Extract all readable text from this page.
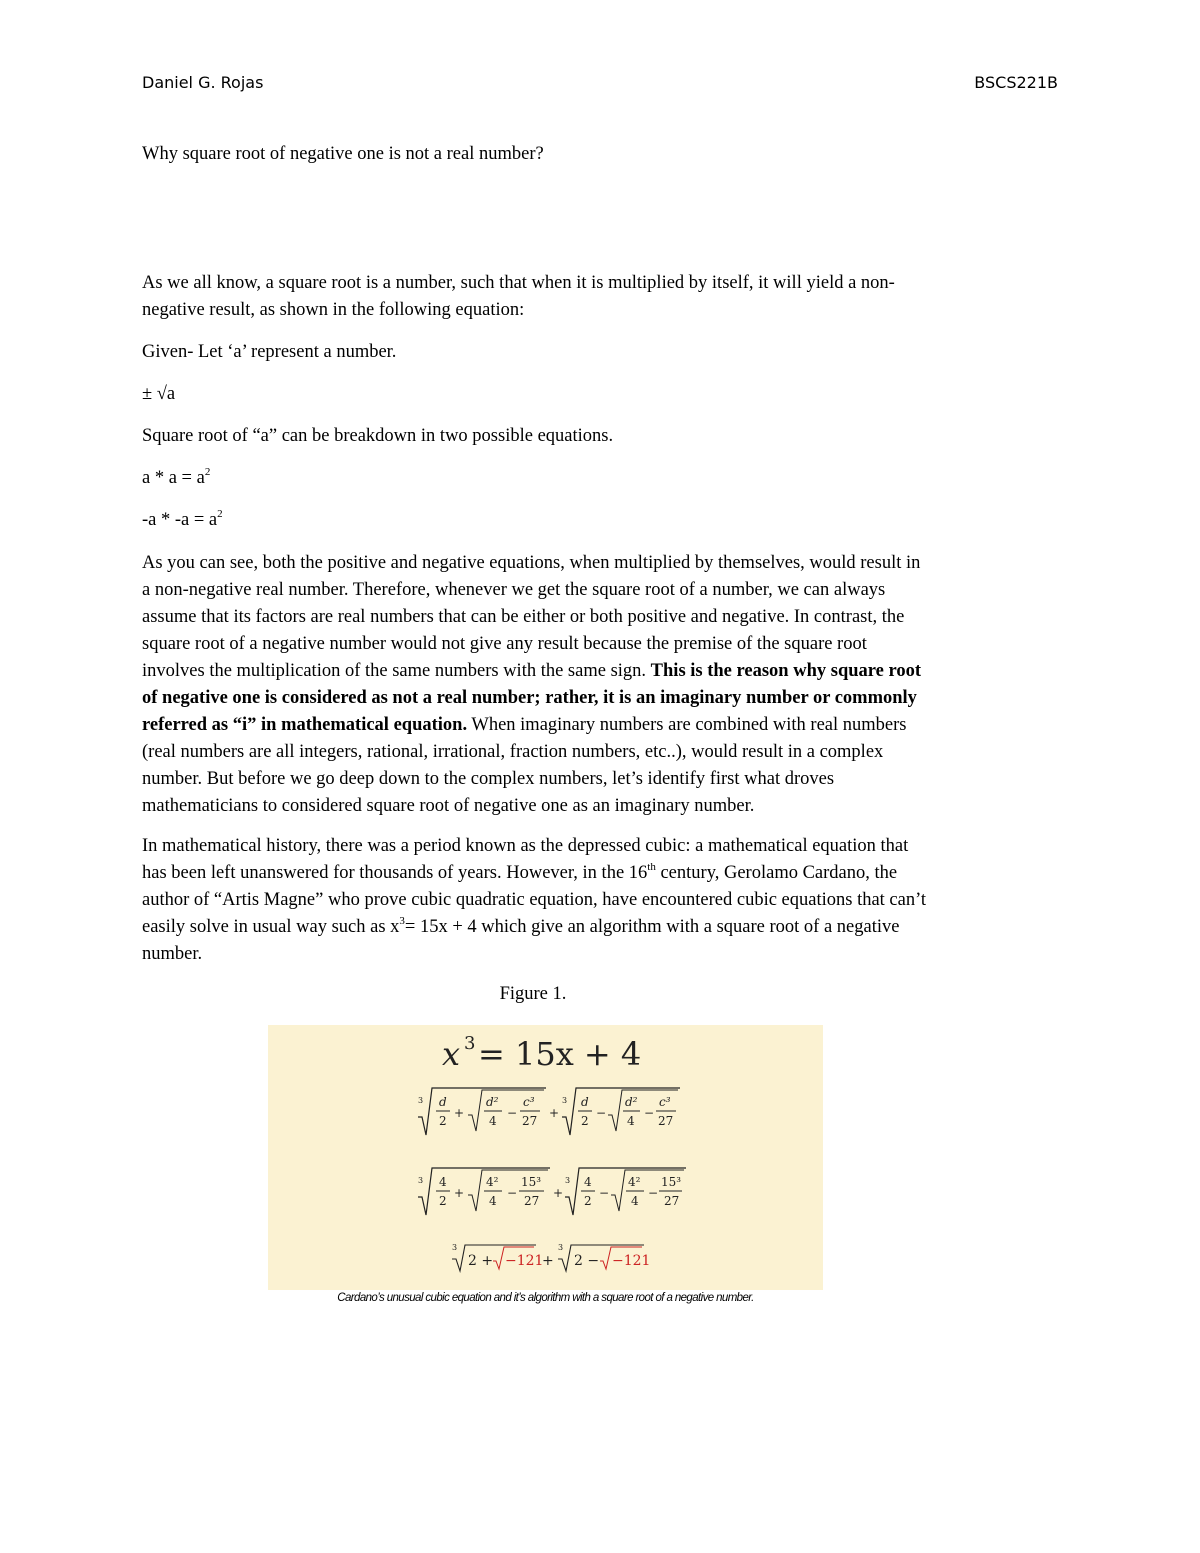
Daniel G. Rojas	BSCS221B
Why square root of negative one is not a real number?
As we all know, a square root is a number, such that when it is multiplied by itself, it will yield a non-
negative result, as shown in the following equation:
Given- Let ‘a’ represent a number.
± √a
Square root of “a” can be breakdown in two possible equations.
$a * a = a^2$
$-a * -a = a^2$
As you can see, both the positive and negative equations, when multiplied by themselves, would result in
a non-negative real number. Therefore, whenever we get the square root of a number, we can always
assume that its factors are real numbers that can be either or both positive and negative. In contrast, the
square root of a negative number would not give any result because the premise of the square root
involves the multiplication of the same numbers with the same sign. This is the reason why square root
of negative one is considered as not a real number; rather, it is an imaginary number or commonly
referred as “i” in mathematical equation. When imaginary numbers are combined with real numbers
(real numbers are all integers, rational, irrational, fraction numbers, etc..), would result in a complex
number. But before we go deep down to the complex numbers, let’s identify first what droves
mathematicians to considered square root of negative one as an imaginary number.
In mathematical history, there was a period known as the depressed cubic: a mathematical equation that
has been left unanswered for thousands of years. However, in the 16th century, Gerolamo Cardano, the
author of “Artis Magne” who prove cubic quadratic equation, have encountered cubic equations that can’t
easily solve in usual way such as $x^3= 15x + 4$ which give an algorithm with a square root of a negative
number.
Figure 1.
x 3 = 15x + 4
3 d
2
+
d²
4
−
c³
27
+
3 d
2
−
d²
4
−
c³
27
3 4
2
+
4²
4
−
15³
27
+
3 4
2
−
4²
4
−
15³
27
3
2 + −121
+
3
2 − −121
Cardano’s unusual cubic equation and it’s algorithm with a square root of a negative number.
